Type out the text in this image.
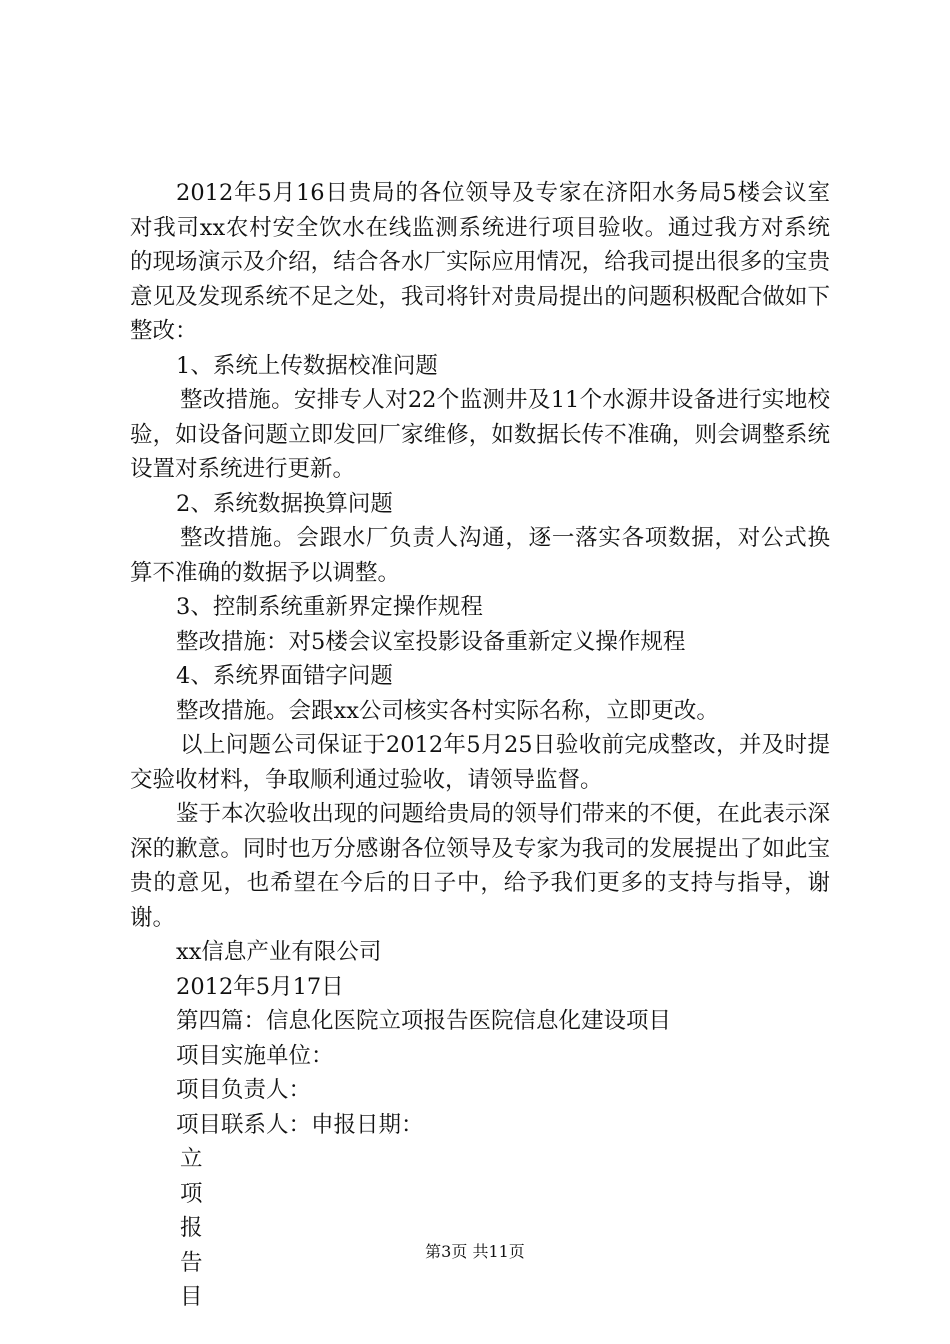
2012年5月16日贵局的各位领导及专家在济阳水务局5楼会议室对我司xx农村安全饮水在线监测系统进行项目验收。通过我方对系统的现场演示及介绍，结合各水厂实际应用情况，给我司提出很多的宝贵意见及发现系统不足之处，我司将针对贵局提出的问题积极配合做如下整改：

1、系统上传数据校准问题

整改措施。安排专人对22个监测井及11个水源井设备进行实地校验，如设备问题立即发回厂家维修，如数据长传不准确，则会调整系统设置对系统进行更新。

2、系统数据换算问题

整改措施。会跟水厂负责人沟通，逐一落实各项数据，对公式换算不准确的数据予以调整。

3、控制系统重新界定操作规程

整改措施：对5楼会议室投影设备重新定义操作规程

4、系统界面错字问题

整改措施。会跟xx公司核实各村实际名称，立即更改。

以上问题公司保证于2012年5月25日验收前完成整改，并及时提交验收材料，争取顺利通过验收，请领导监督。

鉴于本次验收出现的问题给贵局的领导们带来的不便，在此表示深深的歉意。同时也万分感谢各位领导及专家为我司的发展提出了如此宝贵的意见，也希望在今后的日子中，给予我们更多的支持与指导，谢谢。

xx信息产业有限公司

2012年5月17日

第四篇：信息化医院立项报告医院信息化建设项目

项目实施单位：

项目负责人：

项目联系人：申报日期：

立

项

报

告

目

第3页 共11页
